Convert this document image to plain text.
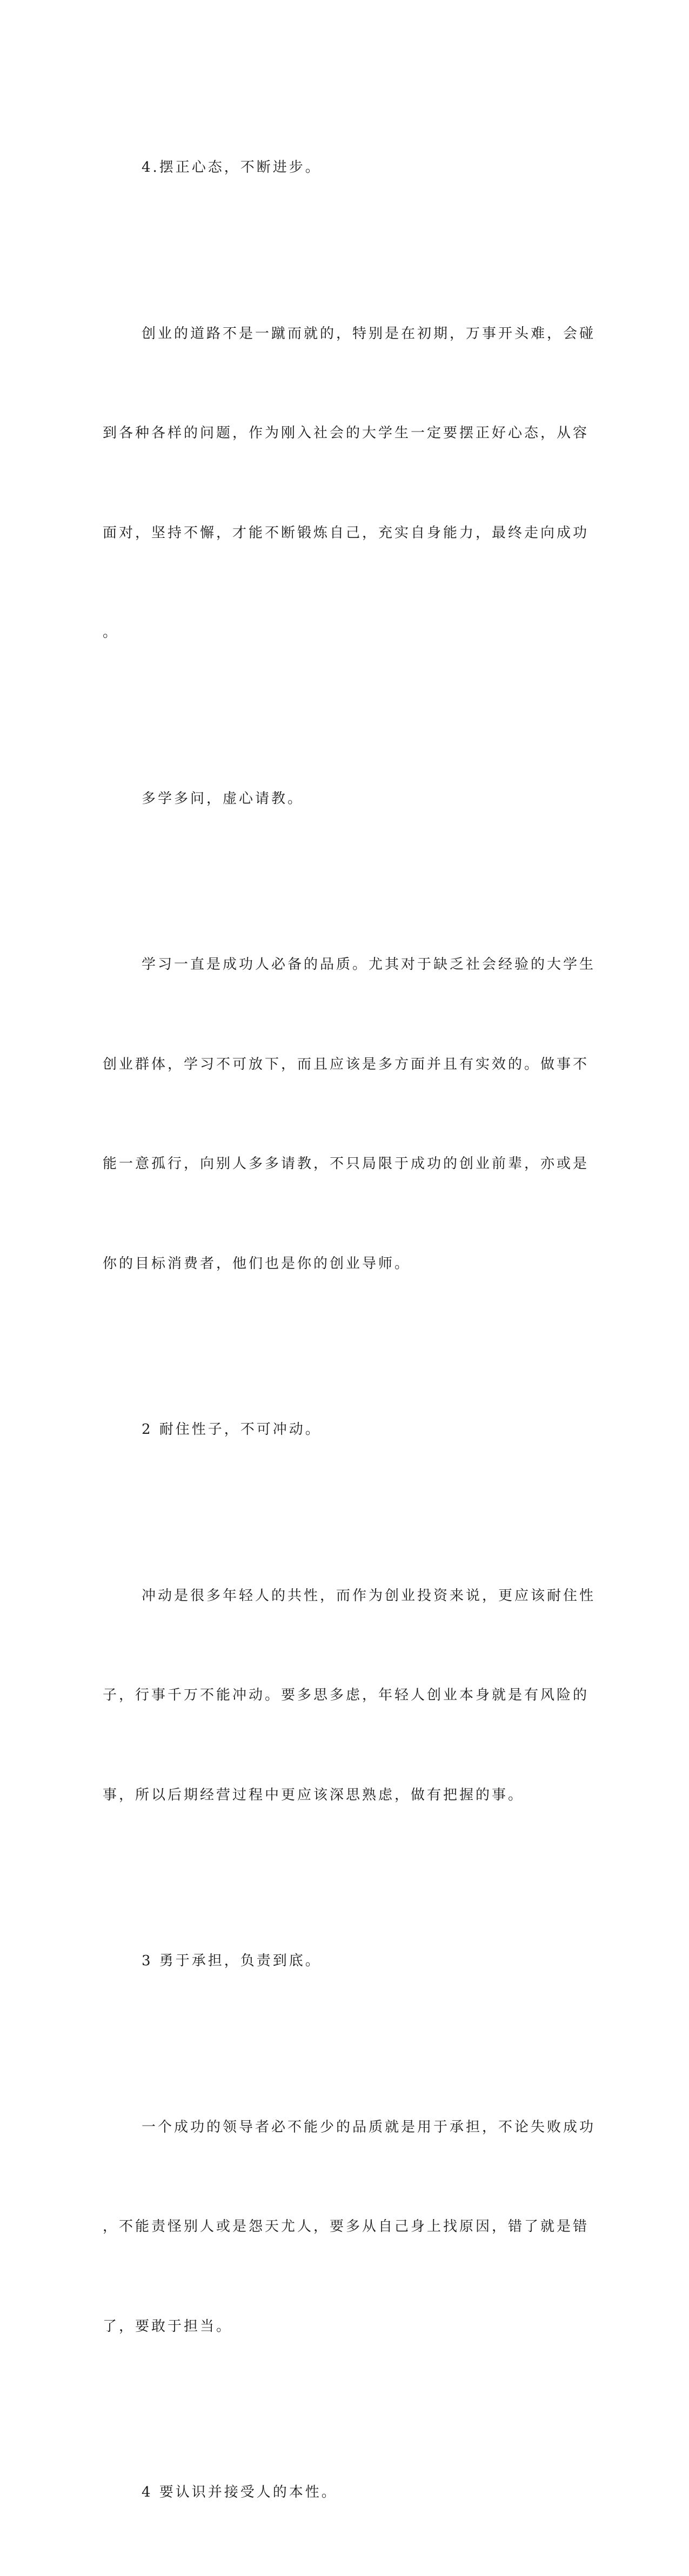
4.摆正心态，不断进步。

创业的道路不是一蹴而就的，特别是在初期，万事开头难，会碰

到各种各样的问题，作为刚入社会的大学生一定要摆正好心态，从容

面对，坚持不懈，才能不断锻炼自己，充实自身能力，最终走向成功

。

多学多问，虚心请教。

学习一直是成功人必备的品质。尤其对于缺乏社会经验的大学生

创业群体，学习不可放下，而且应该是多方面并且有实效的。做事不

能一意孤行，向别人多多请教，不只局限于成功的创业前辈，亦或是

你的目标消费者，他们也是你的创业导师。

2 耐住性子，不可冲动。

冲动是很多年轻人的共性，而作为创业投资来说，更应该耐住性

子，行事千万不能冲动。要多思多虑，年轻人创业本身就是有风险的

事，所以后期经营过程中更应该深思熟虑，做有把握的事。

3 勇于承担，负责到底。

一个成功的领导者必不能少的品质就是用于承担，不论失败成功

，不能责怪别人或是怨天尤人，要多从自己身上找原因，错了就是错

了，要敢于担当。

4 要认识并接受人的本性。
